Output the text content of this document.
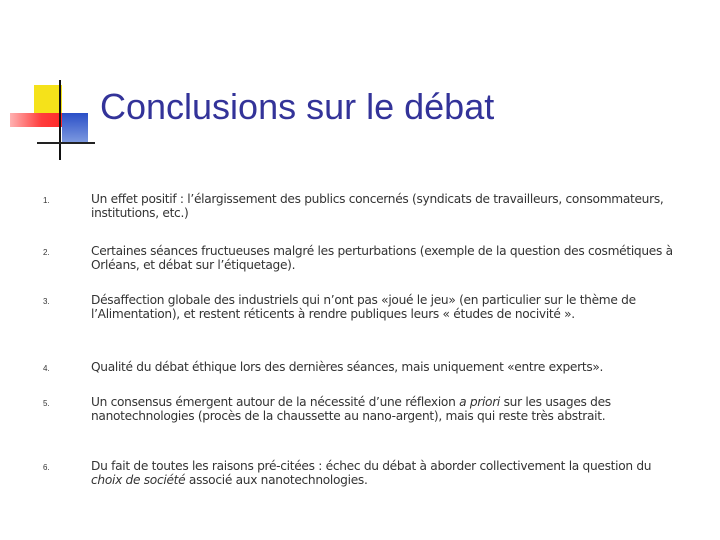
Conclusions sur le débat
1.	Un effet positif : l’élargissement des publics concernés (syndicats de travailleurs, consommateurs, institutions, etc.)
2.	Certaines séances fructueuses malgré les perturbations (exemple de la question des cosmétiques à Orléans, et débat sur l’étiquetage).
3.	Désaffection globale des industriels qui n’ont pas «joué le jeu» (en particulier sur le thème de l’Alimentation), et restent réticents à rendre publiques leurs « études de nocivité ».
4.	Qualité du débat éthique lors des dernières séances, mais uniquement «entre experts».
5.	Un consensus émergent autour de la nécessité d’une réflexion a priori sur les usages des nanotechnologies (procès de la chaussette au nano-argent), mais qui reste très abstrait.
6.	Du fait de toutes les raisons pré-citées : échec du débat à aborder collectivement la question du choix de société associé aux nanotechnologies.
